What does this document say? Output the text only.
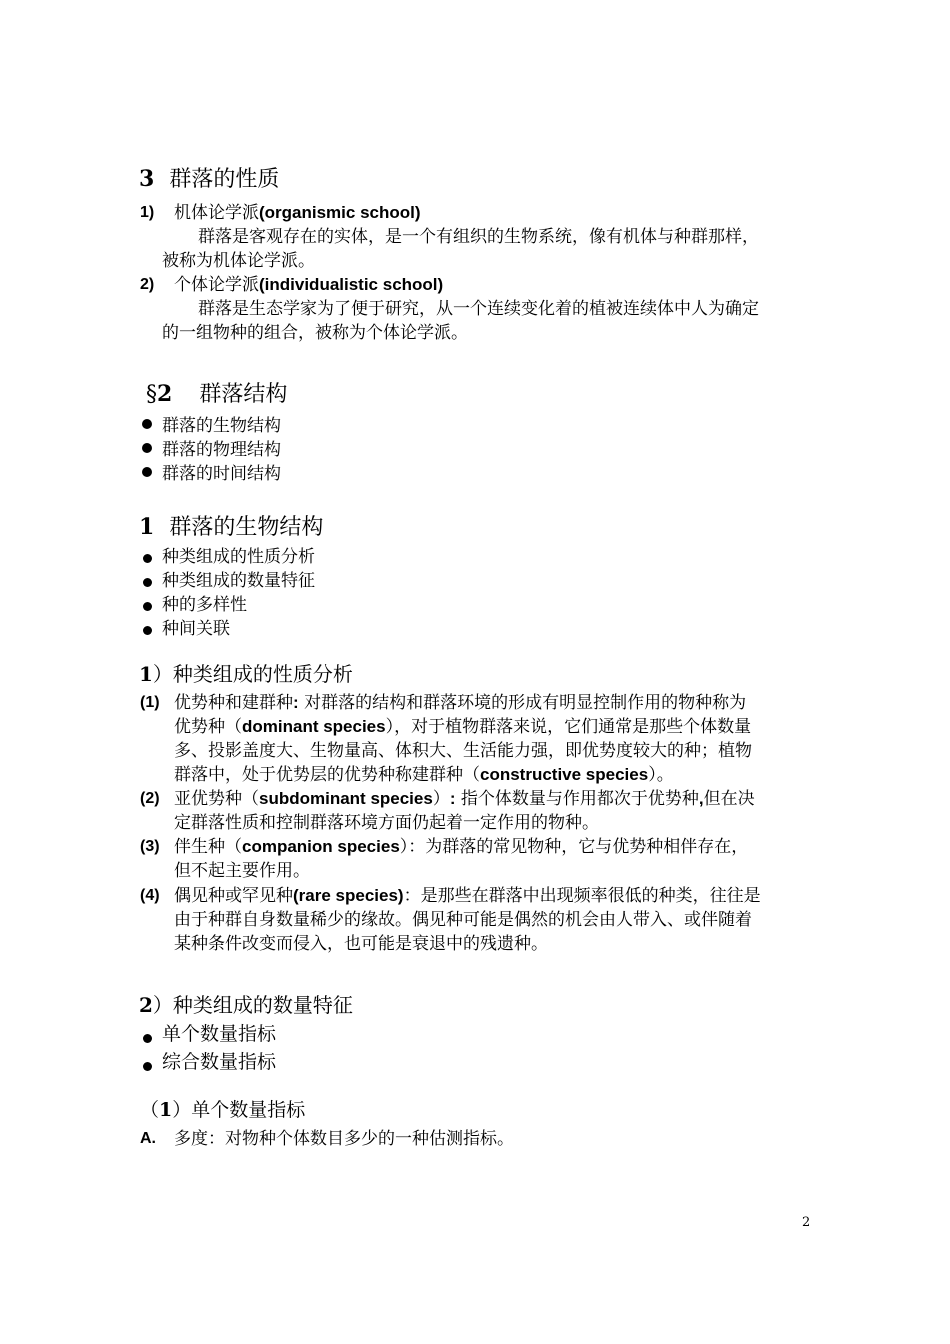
3 群落的性质
1) 机体论学派(organismic school)
群落是客观存在的实体，是一个有组织的生物系统，像有机体与种群那样，
被称为机体论学派。
2) 个体论学派(individualistic school)
群落是生态学家为了便于研究，从一个连续变化着的植被连续体中人为确定
的一组物种的组合，被称为个体论学派。
§2 群落结构
群落的生物结构
群落的物理结构
群落的时间结构
1 群落的生物结构
种类组成的性质分析
种类组成的数量特征
种的多样性
种间关联
1）种类组成的性质分析
(1) 优势种和建群种: 对群落的结构和群落环境的形成有明显控制作用的物种称为
优势种（dominant species），对于植物群落来说，它们通常是那些个体数量
多、投影盖度大、生物量高、体积大、生活能力强，即优势度较大的种；植物
群落中，处于优势层的优势种称建群种（constructive species）。
(2) 亚优势种（subdominant species）: 指个体数量与作用都次于优势种,但在决
定群落性质和控制群落环境方面仍起着一定作用的物种。
(3) 伴生种（companion species）：为群落的常见物种，它与优势种相伴存在，
但不起主要作用。
(4) 偶见种或罕见种(rare species)：是那些在群落中出现频率很低的种类，往往是
由于种群自身数量稀少的缘故。偶见种可能是偶然的机会由人带入、或伴随着
某种条件改变而侵入，也可能是衰退中的残遗种。
2）种类组成的数量特征
单个数量指标
综合数量指标
（1）单个数量指标
A. 多度：对物种个体数目多少的一种估测指标。
2
